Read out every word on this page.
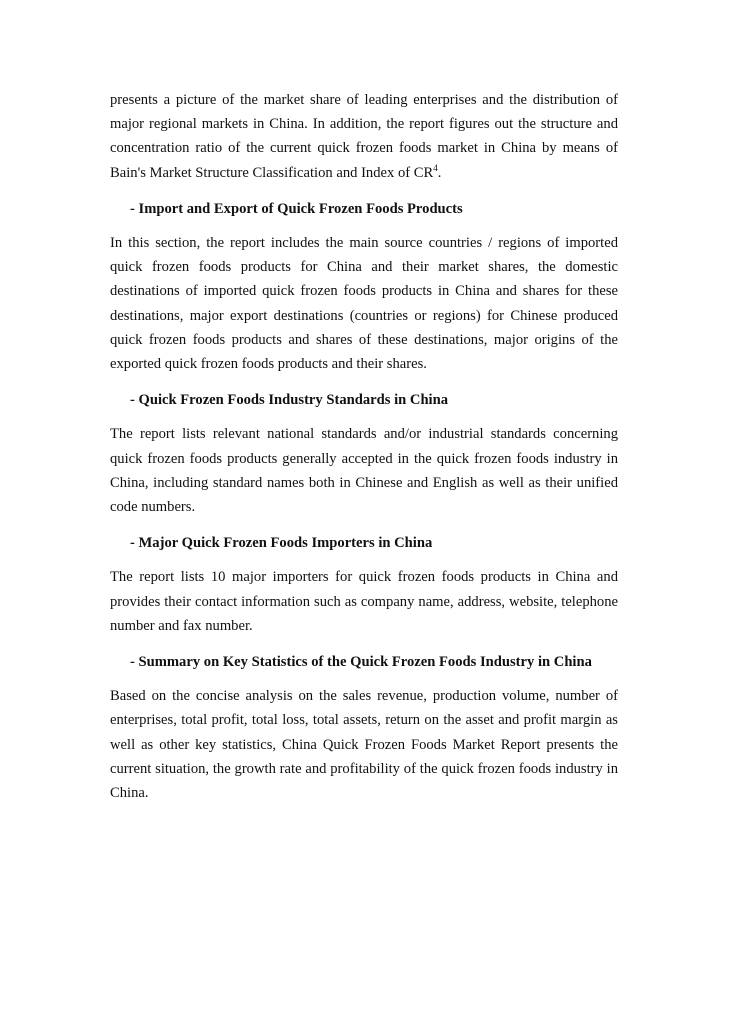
presents a picture of the market share of leading enterprises and the distribution of major regional markets in China. In addition, the report figures out the structure and concentration ratio of the current quick frozen foods market in China by means of Bain's Market Structure Classification and Index of $CR^4$.

- Import and Export of Quick Frozen Foods Products

In this section, the report includes the main source countries / regions of imported quick frozen foods products for China and their market shares, the domestic destinations of imported quick frozen foods products in China and shares for these destinations, major export destinations (countries or regions) for Chinese produced quick frozen foods products and shares of these destinations, major origins of the exported quick frozen foods products and their shares.

- Quick Frozen Foods Industry Standards in China

The report lists relevant national standards and/or industrial standards concerning quick frozen foods products generally accepted in the quick frozen foods industry in China, including standard names both in Chinese and English as well as their unified code numbers.

- Major Quick Frozen Foods Importers in China

The report lists 10 major importers for quick frozen foods products in China and provides their contact information such as company name, address, website, telephone number and fax number.

- Summary on Key Statistics of the Quick Frozen Foods Industry in China

Based on the concise analysis on the sales revenue, production volume, number of enterprises, total profit, total loss, total assets, return on the asset and profit margin as well as other key statistics, China Quick Frozen Foods Market Report presents the current situation, the growth rate and profitability of the quick frozen foods industry in China.
